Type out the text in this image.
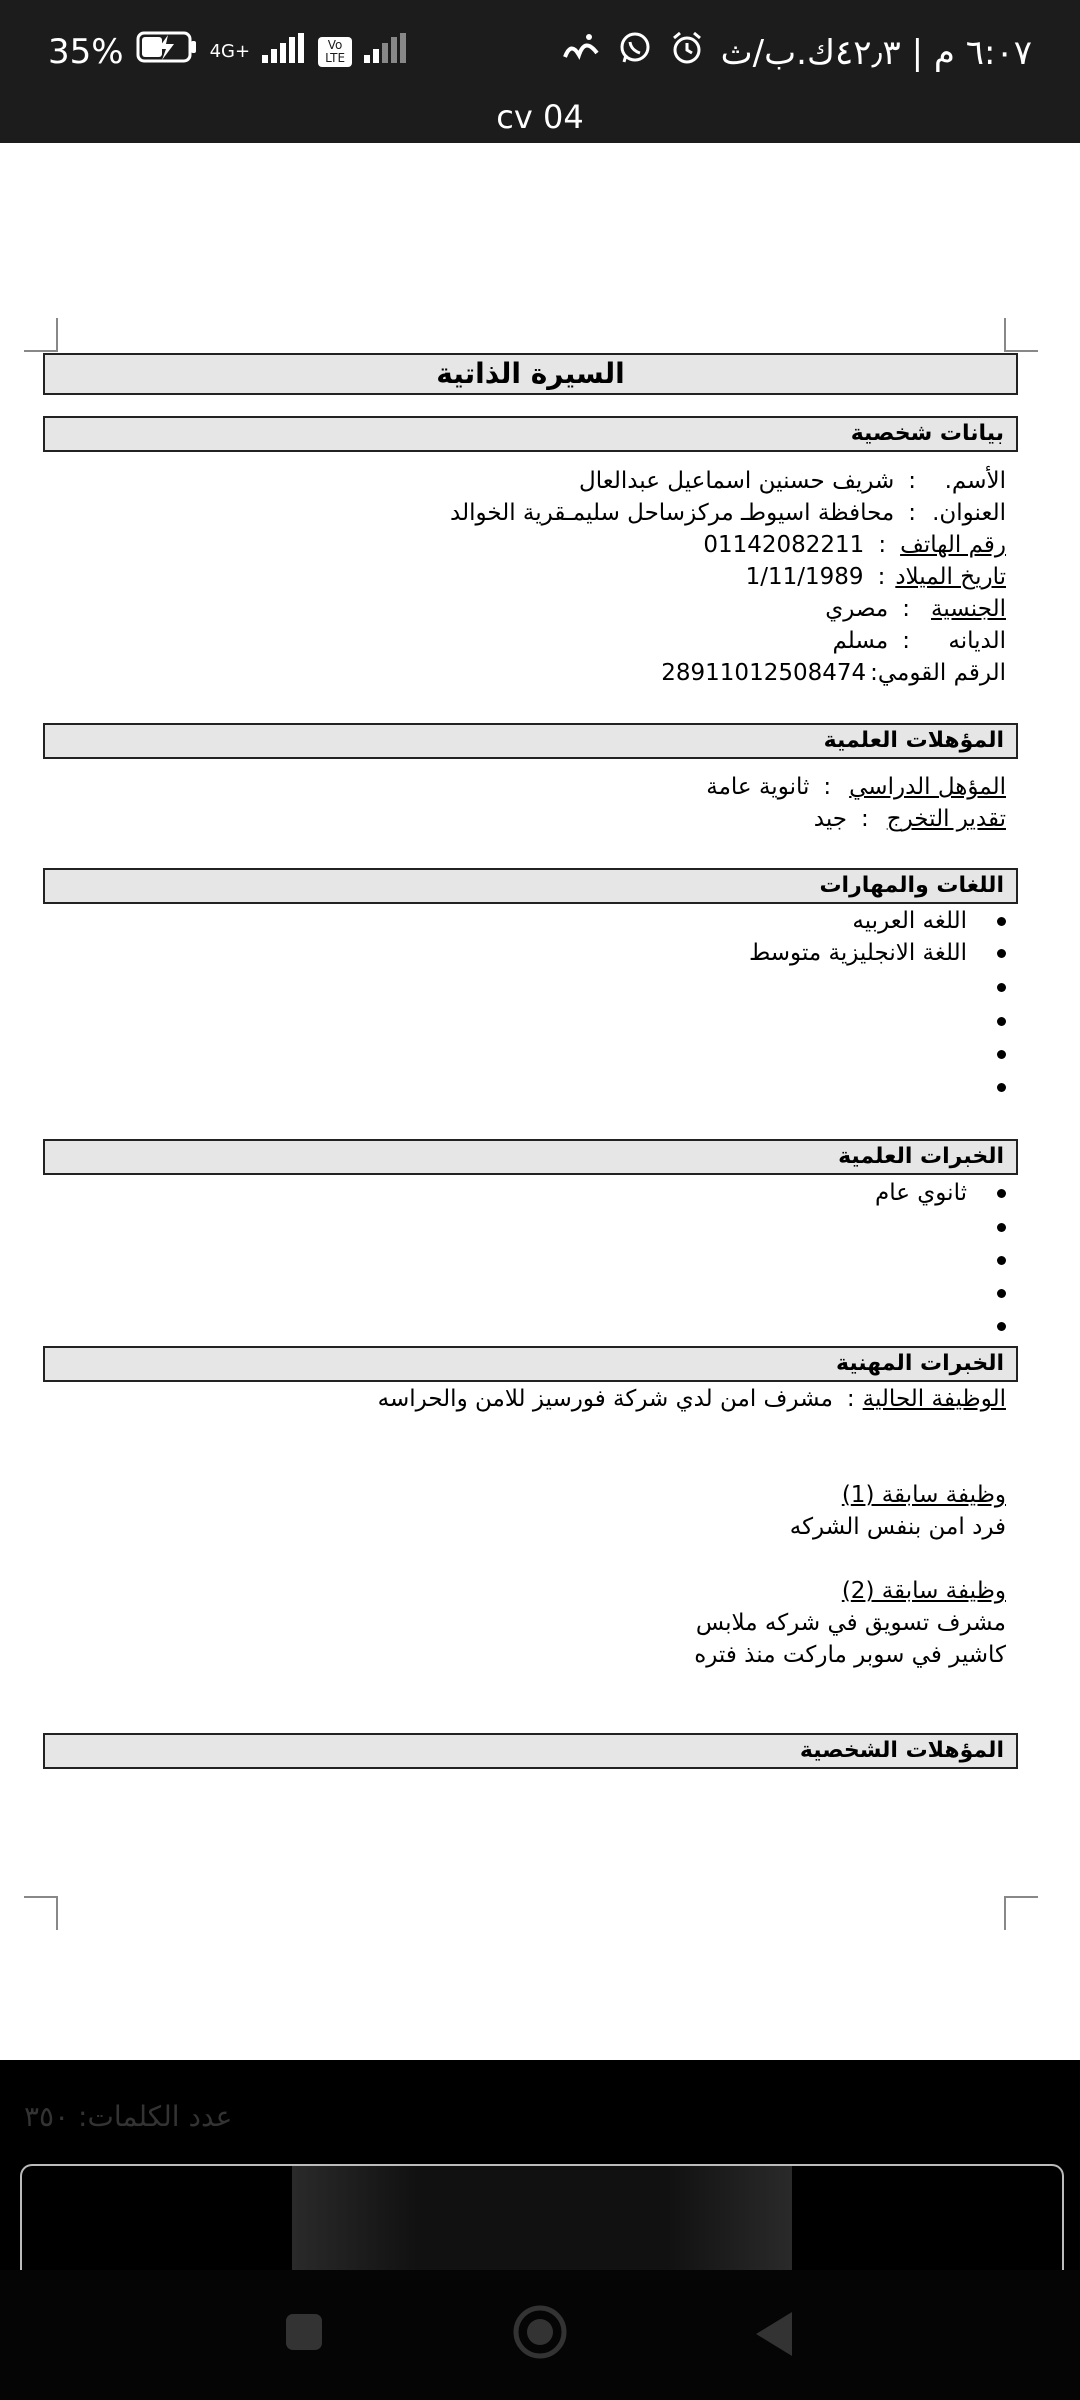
35%	4G+	Vo LTE	٦:٠٧ م | ٤٢٫٣ك.ب/ث
cv 04
السيرة الذاتية
بيانات شخصية
الأسم.:شريف حسنين اسماعيل عبدالعال
العنوان.:محافظة اسيوطـ مركزساحل سليمـقرية الخوالد
رقم الهاتف:01142082211
تاريخ الميلاد:1/11/1989
الجنسية:مصري
الديانه:مسلم
الرقم القومي:28911012508474
المؤهلات العلمية
المؤهل الدراسي:ثانوية عامة
تقدير التخرج:جيد
اللغات والمهارات
اللغه العربيه
اللغة الانجليزية متوسط
الخبرات العلمية
ثانوي عام
الخبرات المهنية
الوظيفة الحالية:مشرف امن لدي شركة فورسيز للامن والحراسه
وظيفة سابقة (1)
فرد امن بنفس الشركه
وظيفة سابقة (2)
مشرف تسويق في شركه ملابس
كاشير في سوبر ماركت منذ فتره
المؤهلات الشخصية
عدد الكلمات: ٣٥٠
